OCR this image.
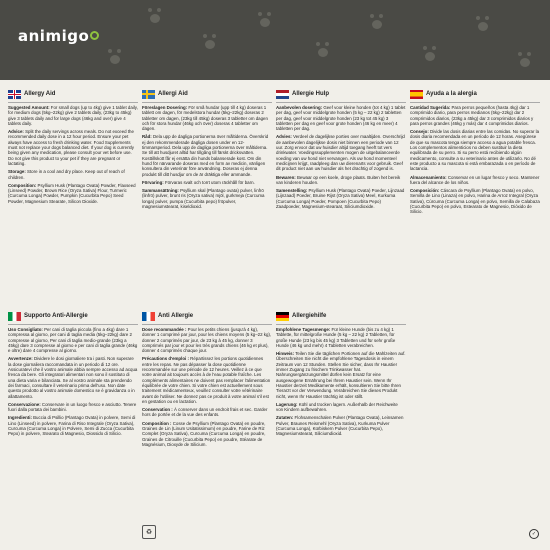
animigo
Allergy Aid

Suggested Amount: For small dogs (up to 4kg) give 1 tablet daily, for medium dogs (5kg–22kg) give 2 tablets daily, (23kg to 45kg) give 3 tablets daily and for large dogs (46kg and over) give 4 tablets daily.

Advice: Split the daily servings across meals. Do not exceed the recommended daily dose in a 12 hour period. Ensure your pet always have access to fresh drinking water. Food Supplements must not replace your dogs balanced diet. If your dog is currently being given any medication, please consult your vet before use. Do not give this product to your pet if they are pregnant or lactating.

Storage: Store in a cool and dry place. Keep out of reach of children.

Composition: Psyllium Husk (Plantago Ovata) Powder, Flaxseed (Linseed) Powder, Brown Rice (Oryza Sativa) Flour, Turmeric (Curcuma Longa) Powder, Pumpkin (Cucurbita Pepo) Seed Powder, Magnesium Stearate, Silicon Dioxide.

Allergi Aid

Föreslagen Dosering: För små hundar (upp till 4 kg) doseras 1 tablett om dagen, för medelstora hundar (5kg–22kg) doseras 2 tabletter om dagen, (23kg till 45kg) doseras 3 tabletter om dagen och för stora hundar (46kg och över) doseras 4 tabletter om dagen.

Råd: Dela upp de dagliga portionerna över måltiderna. Överskrid ej den rekommenderade dagliga dosen under en 12-timmarsperiod. Dela upp de dagliga portionerna över måltiderna. Se till att husdjuret alltid har tillgång till färskt dricksvatten. Kosttillskott får ej ersätta din hunds balanserade kost. Om din hund för närvarande doseras med en form av medicin, vänligen konsultera din veterinär före användning. Doseras ej denna produkt till ditt husdjur om de är dräktiga eller ammande.

Förvaring: Förvaras svalt och torrt utom räckhåll för barn.

Sammansättning: Psyllium skal (Plantago ovata) pulver, linfrö (linfrö) pulver, brunt ris (Oryza sativa) mjöl, gurkmeja (Curcuma longa) pulver, pumpa (Cucurbita pepo) fröpulver, magnesiumstearat, kiseldioxid.

Allergie Hulp

Aanbevolen dosering: Geef voor kleine honden (tot 4 kg) 1 tablet per dag, geef voor middelgrote honden (5 kg – 22 kg) 2 tabletten per dag, geef voor middelgrote honden (23 kg tot 45 kg) 3 tabletten per dag en geef voor grote honden (46 kg en meer) 4 tabletten per dag.

Advies: Verdeel de dagelijkse porties over maaltijden. Overschrijd de aanbevolen dagelijkse dosis niet binnen een periode van 12 uur. Zorg ervoor dat uw huisdier altijd toegang heeft tot vers drinkwater. Voedingssupplementen mogen de uitgebalanceerde voeding van uw hond niet vervangen. Als uw hond momenteel medicijnen krijgt, raadpleeg dan uw dierenarts voor gebruik. Geef dit product niet aan uw huisdier als het drachtig of zogend is.

Bewaren: Bewaar op een koele, droge plaats. Buiten het bereik van kinderen houden.

Samenstelling: Psyllium Husk (Plantago Ovata) Poeder, Lijnzaad (Lijnzaad) Poeder, Bruine Rijst (Oryza Sativa) Meel, Kurkuma (Curcuma Longa) Poeder, Pompoen (Cucurbita Pepo) Zaadpoeder, Magnesium-stearaat, Siliciumdioxide.

Ayuda a la alergia

Cantidad Sugerida: Para perros pequeños (hasta 4kg) dar 1 comprimido diario, para perros medianos (5kg–22kg) dar 2 comprimidos diarios, (23kg a 45kg) dar 3 comprimidos diarios y para perros grandes (46kg y más) dar 4 comprimidos diarios.

Consejo: Divide las dosis diarias entre las comidas. No superar la dosis diaria recomendada en un período de 12 horas. Asegúrese de que su mascota tenga siempre acceso a agua potable fresca. Los complementos alimenticios no deben sustituir la dieta equilibrada de su perro. Si su perro está recibiendo algún medicamento, consulte a su veterinario antes de utilizarlo. No dé este producto a su mascota si está embarazada o en período de lactancia.

Almacenamiento: Conservar en un lugar fresco y seco. Mantener fuera del alcance de los niños.

Composición: Cáscara de Psyllium (Plantago Ovata) en polvo, Semilla de Lino (Linaza) en polvo, Harina de Arroz Integral (Oryza Sativa), Cúrcuma (Curcuma Longa) en polvo, Semilla de Calabaza (Cucurbita Pepo) en polvo, Estearato de Magnesio, Dióxido de Silicio.

Supporto Anti-Allergie

Uso Consigliato: Per cani di taglia piccola (fino a 4kg) dare 1 compressa al giorno, per cani di taglia media (5kg–22kg) dare 2 compresse al giorno, Per cani di taglia medio-grande (23kg a 45kg) dare 3 compresse al giorno e per cani di taglia grande (46kg e oltre) dare 4 compresse al giorno.

Avvertenze: Dividere le dosi giornaliere tra i pasti. Non superare la dose giornaliera raccomandata in un periodo di 12 ore. Assicuratevi che il vostro animale abbia sempre accesso ad acqua fresca da bere. Gli integratori alimentari non sono il sostituto di una dieta varia e bilanciata. Se al vostro animale sta prendendo dei farmaci, consultare il veterinario prima dell'uso. Non date questo prodotto al vostro animale domestico se è gravidanza o in allattamento.

Conservazione: Conservare in un luogo fresco e asciutto. Tenere fuori dalla portata dei bambini.

Ingredienti: Buccia di Psillio (Plantago Ovata) in polvere, Semi di Lino (Linseed) in polvere, Farina di Riso Integrale (Oryza Sativa), Curcuma (Curcuma Longa) in Polvere, Semi di Zucca (Cucurbita Pepo) in polvere, Stearato di Magnesio, Diossido di Silicio.

Anti Allergie

Dose recommandée : Pour les petits chiens (jusqu'à 4 kg), donner 1 comprimé par jour, pour les chiens moyens (5 kg–22 kg), donner 2 comprimés par jour, de 23 kg à 45 kg, donner 3 comprimés par jour et pour les très grands chiens (46 kg et plus), donner 4 comprimés chaque jour.

Précautions d'emploi : Répartissez les portions quotidiennes entre les repas. Ne pas dépasser la dose quotidienne recommandée sur une période de 12 heures. Veillez à ce que votre animal ait toujours accès à de l'eau potable fraîche. Les compléments alimentaires ne doivent pas remplacer l'alimentation équilibrée de votre chien. Si votre chien est actuellement sous traitement médicamenteux, veuillez consulter votre vétérinaire avant de l'utiliser. Ne donnez pas ce produit à votre animal s'il est en gestation ou en lactation.

Conservation : À conserver dans un endroit frais et sec. Garder hors de portée et de la vue des enfants.

Composition : Cosse de Psyllium (Plantago Ovata) en poudre, Graines de Lin (Linum Usitatissimum) en poudre, Farine de Riz Complet (Oryza Sativa), Curcuma (Curcuma Longa) en poudre, Graines de Citrouille (Cucurbita Pepo) en poudre, Stéarate de Magnésium, Dioxyde de Silicium.

Allergiehilfe

Empfohlene Tagesmenge: Für kleine Hunde (bis zu 4 kg) 1 Tablette, für mittelgroße Hunde (5 kg – 22 kg) 2 Tabletten, für große Hunde (23 kg bis 45 kg) 3 Tabletten und für sehr große Hunde (46 kg und mehr) 4 Tabletten verabreichen.

Hinweis: Teilen Sie die täglichen Portionen auf die Mahlzeiten auf. Überschreiten Sie nicht die empfohlene Tagesdosis in einem Zeitraum von 12 Stunden. Stellen Sie sicher, dass Ihr Haustier immer Zugang zu frischem Trinkwasser hat. Nahrungsergänzungsmittel dürfen kein Ersatz für eine ausgewogene Ernährung bei Ihrem Haustier sein. Wenn Ihr Haustier derzeit Medikamente erhält, konsultieren Sie bitte Ihren Tierarzt vor der Verwendung. Verabreichen Sie dieses Produkt nicht, wenn Ihr Haustier trächtig ist oder stillt.

Lagerung: Kühl und trocken lagern. Außerhalb der Reichweite von Kindern aufbewahren.

Zutaten: Flohsamenschalen Pulver (Plantago Ovata), Leinsamen Pulver, Braunes Reismehl (Oryza Sativa), Kurkuma Pulver (Curcuma Longa), Kürbiskern Pulver (Cucurbita Pepo), Magnesiumstearat, Siliciumdioxid.

♻	✓
